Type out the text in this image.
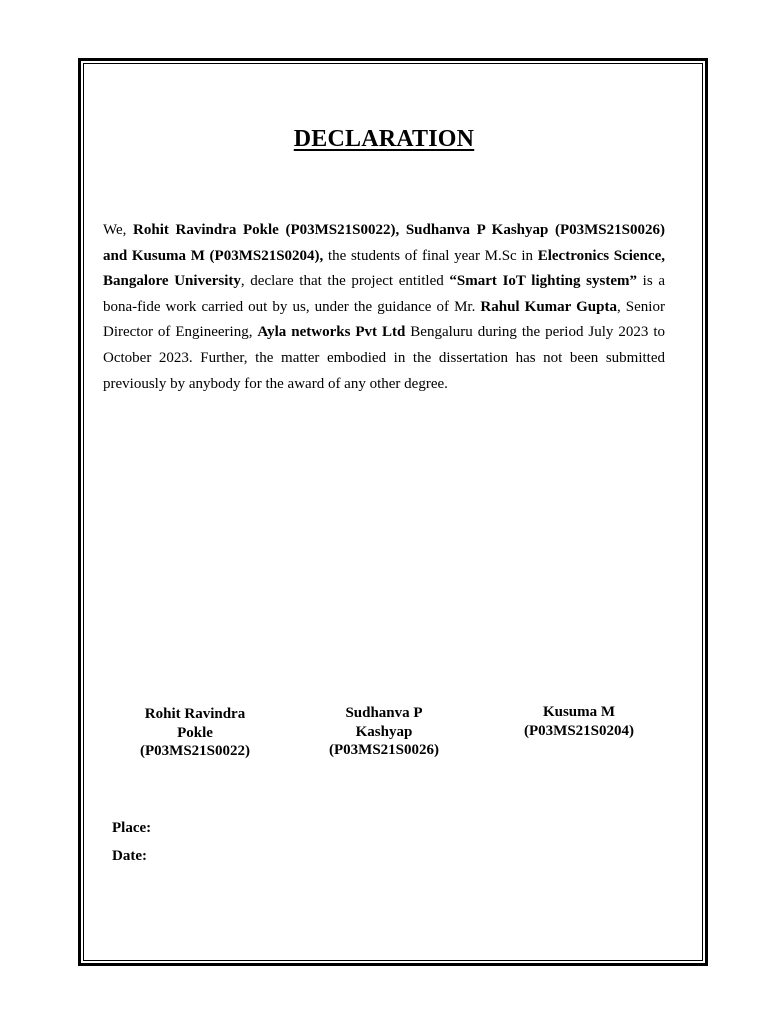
DECLARATION
We, Rohit Ravindra Pokle (P03MS21S0022), Sudhanva P Kashyap (P03MS21S0026) and Kusuma M (P03MS21S0204), the students of final year M.Sc in Electronics Science, Bangalore University, declare that the project entitled “Smart IoT lighting system” is a bona-fide work carried out by us, under the guidance of Mr. Rahul Kumar Gupta, Senior Director of Engineering, Ayla networks Pvt Ltd Bengaluru during the period July 2023 to October 2023. Further, the matter embodied in the dissertation has not been submitted previously by anybody for the award of any other degree.
Rohit Ravindra
Pokle
(P03MS21S0022)
Sudhanva P
Kashyap
(P03MS21S0026)
Kusuma M
(P03MS21S0204)
Place:
Date:
